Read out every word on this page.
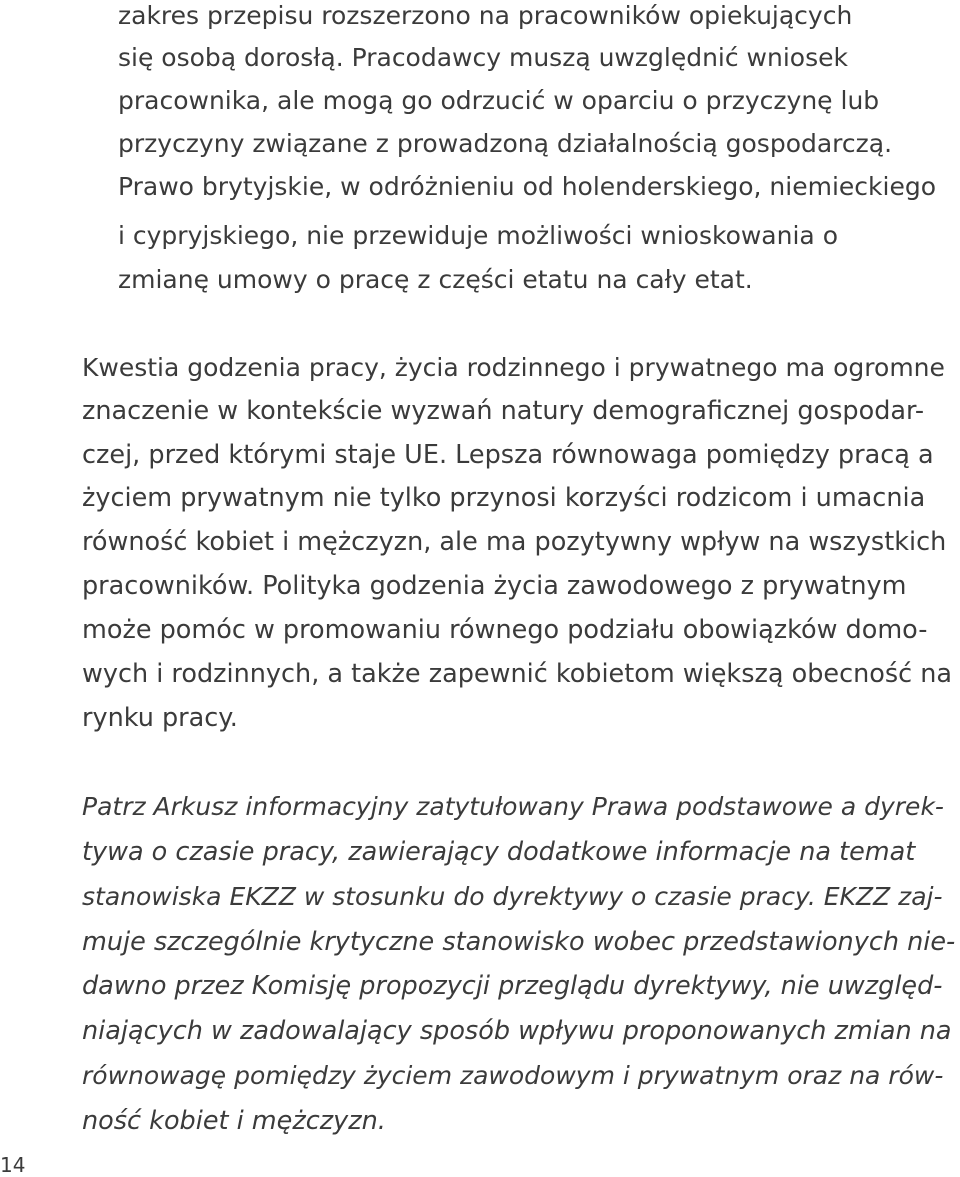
zakres przepisu rozszerzono na pracowników opiekujących
się osobą dorosłą. Pracodawcy muszą uwzględnić wniosek
pracownika, ale mogą go odrzucić w oparciu o przyczynę lub
przyczyny związane z prowadzoną działalnością gospodarczą.
Prawo brytyjskie, w odróżnieniu od holenderskiego, niemieckiego
i cypryjskiego, nie przewiduje możliwości wnioskowania o
zmianę umowy o pracę z części etatu na cały etat.
Kwestia godzenia pracy, życia rodzinnego i prywatnego ma ogromne
znaczenie w kontekście wyzwań natury demograficznej gospodar-
czej, przed którymi staje UE. Lepsza równowaga pomiędzy pracą a
życiem prywatnym nie tylko przynosi korzyści rodzicom i umacnia
równość kobiet i mężczyzn, ale ma pozytywny wpływ na wszystkich
pracowników. Polityka godzenia życia zawodowego z prywatnym
może pomóc w promowaniu równego podziału obowiązków domo-
wych i rodzinnych, a także zapewnić kobietom większą obecność na
rynku pracy.
Patrz Arkusz informacyjny zatytułowany Prawa podstawowe a dyrek-
tywa o czasie pracy, zawierający dodatkowe informacje na temat
stanowiska EKZZ w stosunku do dyrektywy o czasie pracy. EKZZ zaj-
muje szczególnie krytyczne stanowisko wobec przedstawionych nie-
dawno przez Komisję propozycji przeglądu dyrektywy, nie uwzględ-
niających w zadowalający sposób wpływu proponowanych zmian na
równowagę pomiędzy życiem zawodowym i prywatnym oraz na rów-
ność kobiet i mężczyzn.
14
